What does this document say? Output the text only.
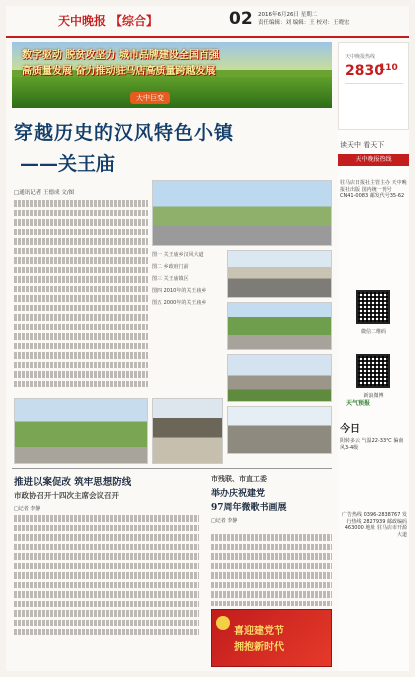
天中晚报 【综合】	02 2016年6月26日 星期二
责任编辑：刘 编辑：王 校对：王晓宏
数字驱动 脱贫攻坚力 城市品牌建设全国百强
高质量发展 奋力推动驻马店高质量跨越发展
大中巨变
穿越历史的汉风特色小镇
——关王庙
□通讯记者 王德成 文/图
图一 关王庙乡汉风大道
图二 乡政府门前
图三 关王庙镇区
图四 2010年的关王庙乡
图五 2000年的关王庙乡
推进以案促改 筑牢思想防线
市政协召开十四次主席会议召开
□记者 李静
市残联、市直工委
举办庆祝建党
97周年微歌书画展
□记者 李静
喜迎建党节
拥抱新时代
天中晚报热线
2830
110
读天中 看天下
天中晚报热线
驻马店日报社主管主办 天中晚报社出版 国内统一刊号 CN41-0083 邮发代号35-62
微信二维码
新浪微博
天气预报
今日
阴转多云 气温22-33℃ 偏南风3-4级
广告热线 0396-2838767 发行热线 2827939 邮政编码 463000 地址 驻马店市开源大道
